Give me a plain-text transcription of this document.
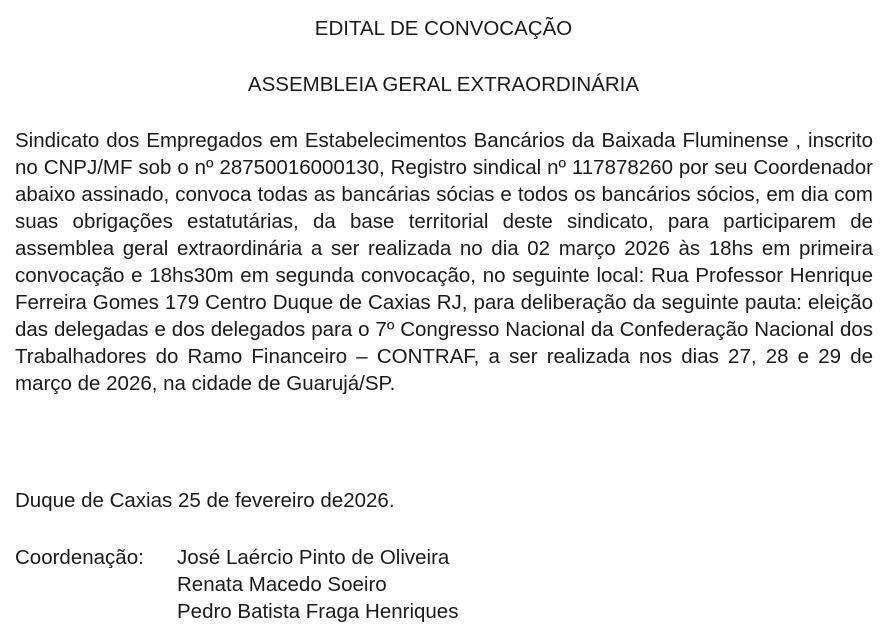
EDITAL DE CONVOCAÇÃO
ASSEMBLEIA GERAL EXTRAORDINÁRIA

Sindicato dos Empregados em Estabelecimentos Bancários da Baixada Fluminense , inscrito no CNPJ/MF sob o nº 28750016000130, Registro sindical nº 117878260 por seu Coordenador abaixo assinado, convoca todas as bancárias sócias e todos os bancários sócios, em dia com suas obrigações estatutárias, da base territorial deste sindicato, para participarem de assemblea geral extraordinária a ser realizada no dia 02 março 2026 às 18hs em primeira convocação e 18hs30m em segunda convocação, no seguinte local: Rua Professor Henrique Ferreira Gomes 179 Centro Duque de Caxias RJ, para deliberação da seguinte pauta: eleição das delegadas e dos delegados para o 7º Congresso Nacional da Confederação Nacional dos Trabalhadores do Ramo Financeiro – CONTRAF, a ser realizada nos dias 27, 28 e 29 de março de 2026, na cidade de Guarujá/SP.

Duque de Caxias 25 de fevereiro de2026.
Coordenação:	José Laércio Pinto de Oliveira
Renata Macedo Soeiro
Pedro Batista Fraga Henriques
